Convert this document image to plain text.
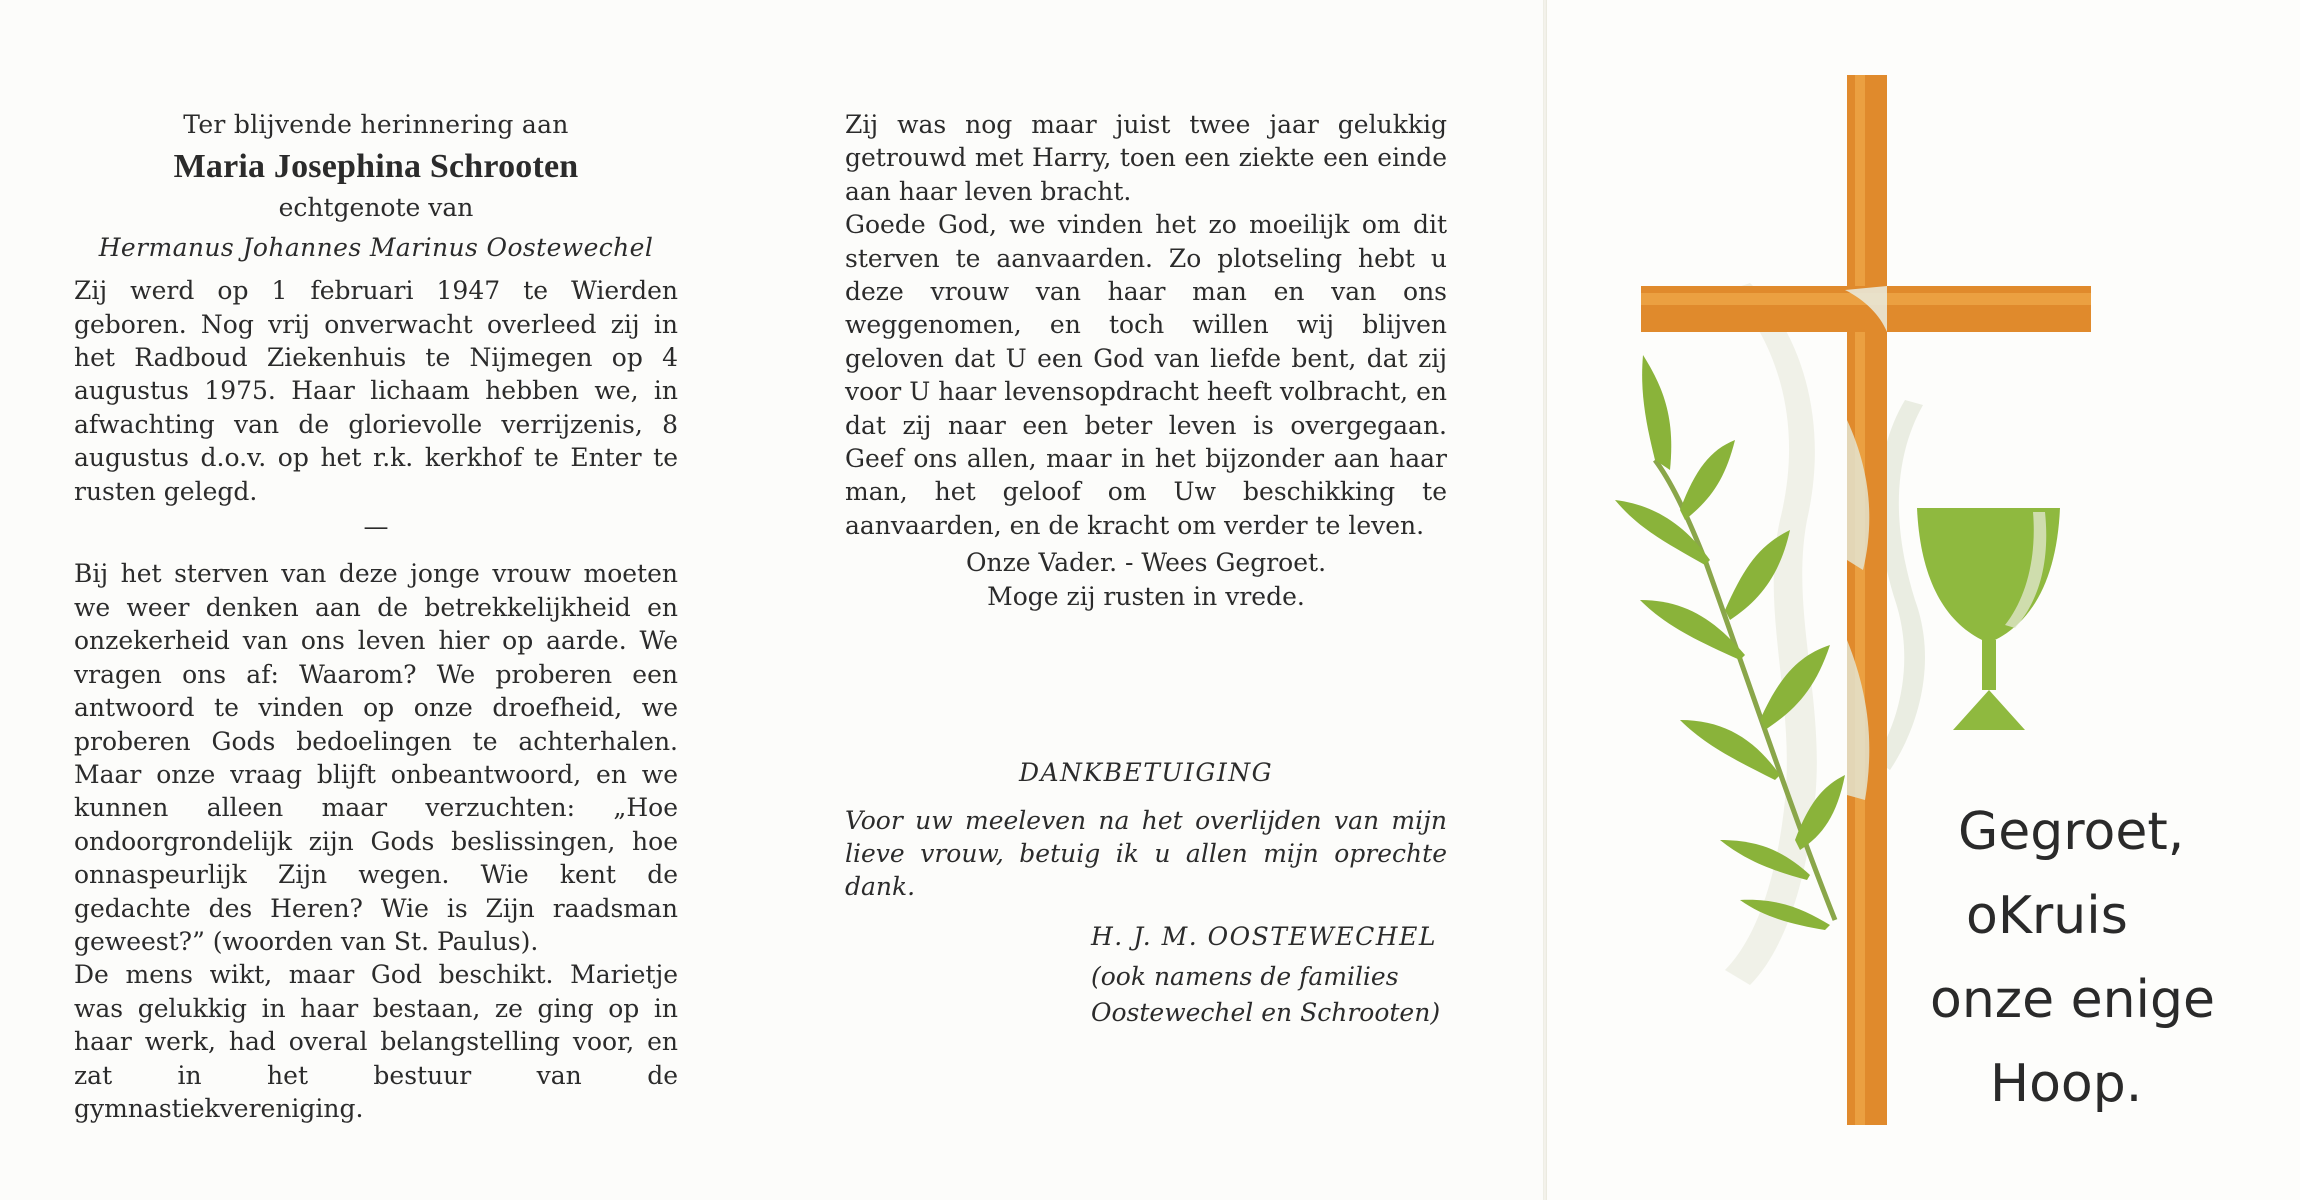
Ter blijvende herinnering aan
Maria Josephina Schrooten
echtgenote van
Hermanus Johannes Marinus Oostewechel
Zij werd op 1 februari 1947 te Wierden geboren. Nog vrij onverwacht overleed zij in het Radboud Ziekenhuis te Nijmegen op 4 augustus 1975. Haar lichaam hebben we, in afwachting van de glorievolle verrijzenis, 8 augustus d.o.v. op het r.k. kerkhof te Enter te rusten gelegd.
—
Bij het sterven van deze jonge vrouw moeten we weer denken aan de betrekkelijkheid en onzekerheid van ons leven hier op aarde. We vragen ons af: Waarom? We proberen een antwoord te vinden op onze droefheid, we proberen Gods bedoelingen te achterhalen. Maar onze vraag blijft onbeantwoord, en we kunnen alleen maar verzuchten: „Hoe ondoorgrondelijk zijn Gods beslissingen, hoe onnaspeurlijk Zijn wegen. Wie kent de gedachte des Heren? Wie is Zijn raadsman geweest?” (woorden van St. Paulus).
De mens wikt, maar God beschikt. Marietje was gelukkig in haar bestaan, ze ging op in haar werk, had overal belangstelling voor, en zat in het bestuur van de gymnastiekvereniging.
Zij was nog maar juist twee jaar gelukkig getrouwd met Harry, toen een ziekte een einde aan haar leven bracht.
Goede God, we vinden het zo moeilijk om dit sterven te aanvaarden. Zo plotseling hebt u deze vrouw van haar man en van ons weggenomen, en toch willen wij blijven geloven dat U een God van liefde bent, dat zij voor U haar levensopdracht heeft volbracht, en dat zij naar een beter leven is overgegaan. Geef ons allen, maar in het bijzonder aan haar man, het geloof om Uw beschikking te aanvaarden, en de kracht om verder te leven.
Onze Vader. - Wees Gegroet.
Moge zij rusten in vrede.
DANKBETUIGING
Voor uw meeleven na het overlijden van mijn lieve vrouw, betuig ik u allen mijn oprechte dank.
H. J. M. OOSTEWECHEL
(ook namens de families
Oostewechel en Schrooten)
Gegroet,
oKruis
onze enige
Hoop.
